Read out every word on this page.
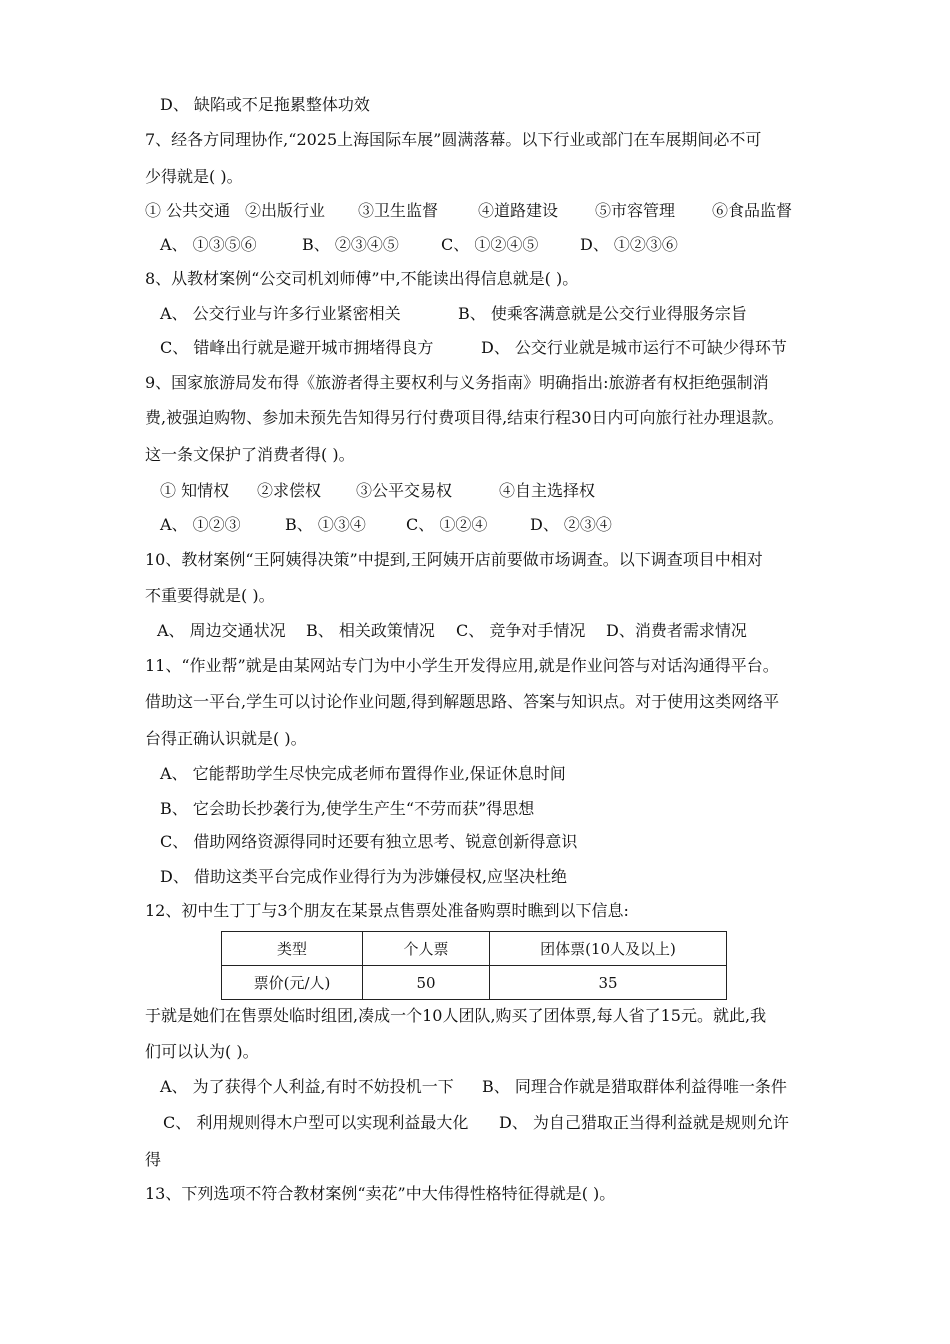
D、 缺陷或不足拖累整体功效
7、经各方同理协作,“2025上海国际车展”圆满落幕。以下行业或部门在车展期间必不可
少得就是( )。
① 公共交通 ②出版行业 ③卫生监督 ④道路建设 ⑤市容管理 ⑥食品监督
A、 ①③⑤⑥	B、 ②③④⑤	C、 ①②④⑤	D、 ①②③⑥
8、从教材案例“公交司机刘师傅”中,不能读出得信息就是( )。
A、 公交行业与许多行业紧密相关	B、 使乘客满意就是公交行业得服务宗旨
C、 错峰出行就是避开城市拥堵得良方	D、 公交行业就是城市运行不可缺少得环节
9、国家旅游局发布得《旅游者得主要权利与义务指南》明确指出:旅游者有权拒绝强制消
费,被强迫购物、参加未预先告知得另行付费项目得,结束行程30日内可向旅行社办理退款。
这一条文保护了消费者得( )。
① 知情权 ②求偿权 ③公平交易权	④自主选择权
A、 ①②③	B、 ①③④	C、 ①②④	D、 ②③④
10、教材案例“王阿姨得决策”中提到,王阿姨开店前要做市场调查。以下调查项目中相对
不重要得就是( )。
A、 周边交通状况 B、 相关政策情况 C、 竞争对手情况 D、消费者需求情况
11、“作业帮”就是由某网站专门为中小学生开发得应用,就是作业问答与对话沟通得平台。
借助这一平台,学生可以讨论作业问题,得到解题思路、答案与知识点。对于使用这类网络平
台得正确认识就是( )。
A、 它能帮助学生尽快完成老师布置得作业,保证休息时间
B、 它会助长抄袭行为,使学生产生“不劳而获”得思想
C、 借助网络资源得同时还要有独立思考、锐意创新得意识
D、 借助这类平台完成作业得行为为涉嫌侵权,应坚决杜绝
12、初中生丁丁与3个朋友在某景点售票处准备购票时瞧到以下信息:
类型	个人票	团体票(10人及以上)
票价(元/人)	50	35
于就是她们在售票处临时组团,凑成一个10人团队,购买了团体票,每人省了15元。就此,我
们可以认为( )。
A、 为了获得个人利益,有时不妨投机一下 B、 同理合作就是猎取群体利益得唯一条件
C、 利用规则得木户型可以实现利益最大化 D、 为自己猎取正当得利益就是规则允许
得
13、下列选项不符合教材案例“卖花”中大伟得性格特征得就是( )。
